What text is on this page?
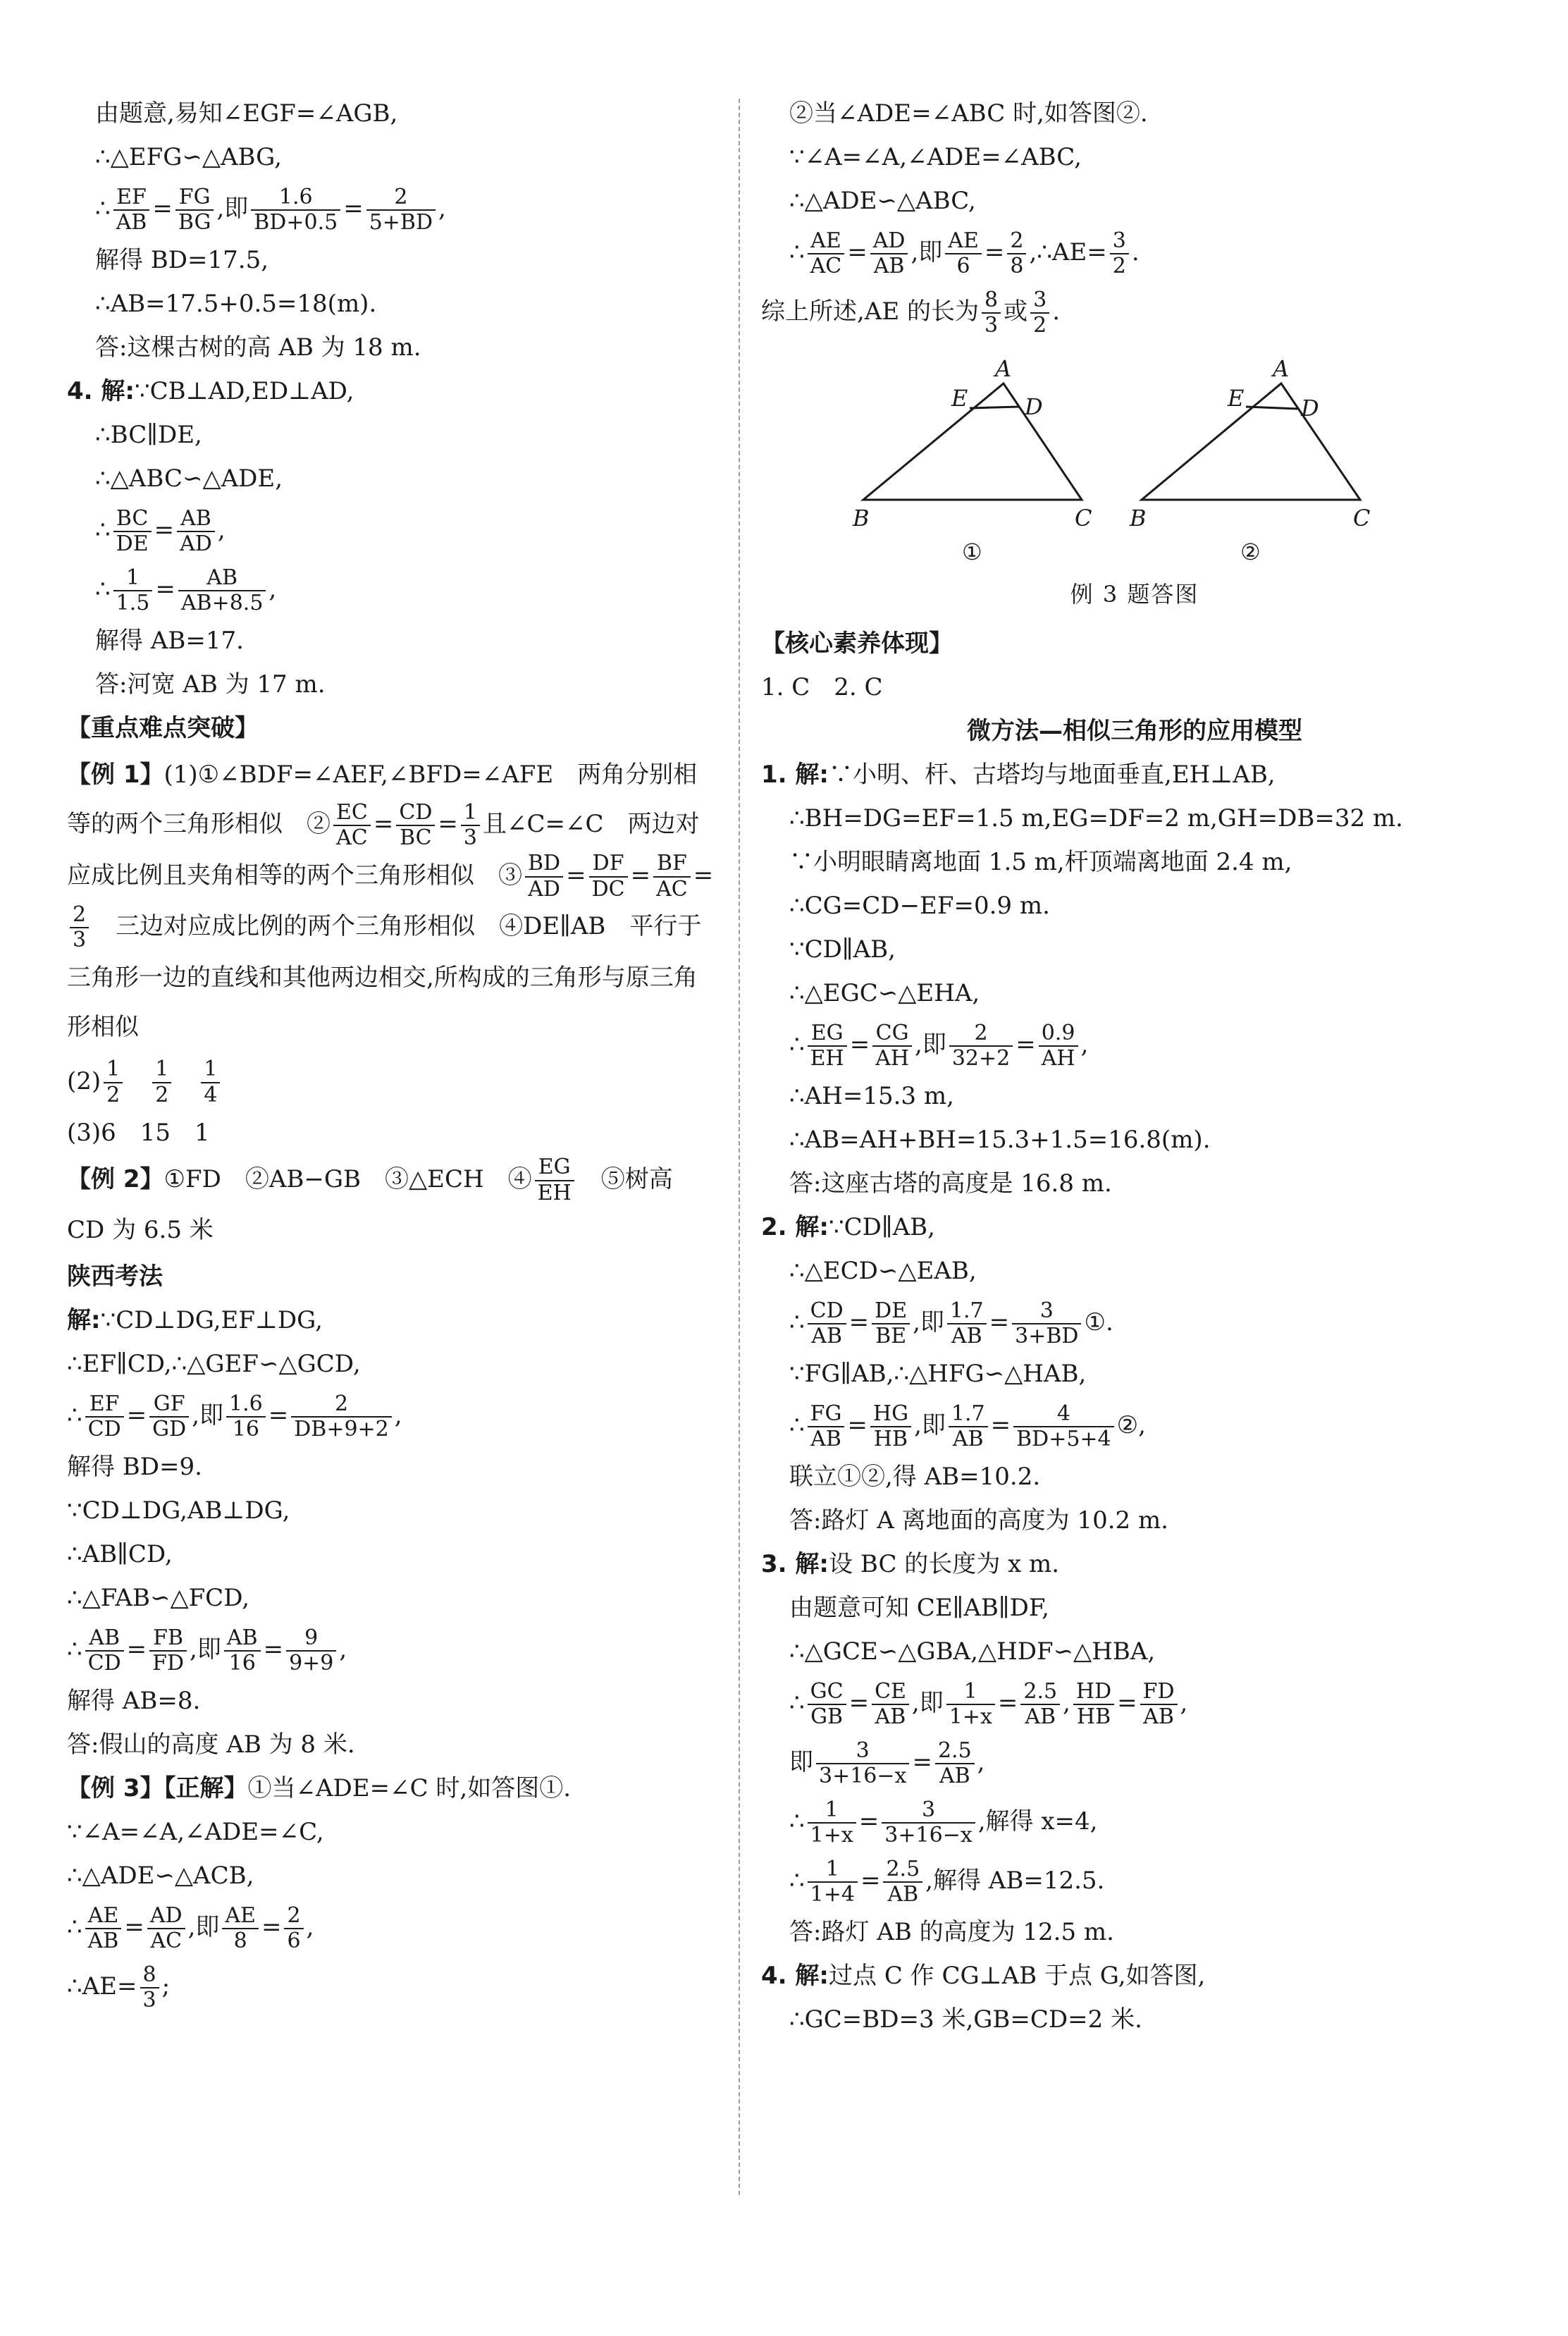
由题意,易知∠EGF=∠AGB,
∴△EFG∽△ABG,
∴ $\frac{EF}{AB} = \frac{FG}{BG}$ ,即 $\frac{1.6}{BD+0.5} = \frac{2}{5+BD}$ ,
解得 BD=17.5,
∴AB=17.5+0.5=18(m).
答:这棵古树的高 AB 为 18 m.
4. 解:∵CB⊥AD,ED⊥AD,
∴BC∥DE,
∴△ABC∽△ADE,
∴ $\frac{BC}{DE} = \frac{AB}{AD}$ ,
∴ $\frac{1}{1.5} = \frac{AB}{AB+8.5}$ ,
解得 AB=17.
答:河宽 AB 为 17 m.
【重点难点突破】
【例 1】(1)①∠BDF=∠AEF,∠BFD=∠AFE　两角分别相等的两个三角形相似　② $\frac{EC}{AC} = \frac{CD}{BC} = \frac{1}{3}$ 且∠C=∠C　两边对应成比例且夹角相等的两个三角形相似　③ $\frac{BD}{AD} = \frac{DF}{DC} = \frac{BF}{AC}$ =
$\frac{2}{3}$ 　三边对应成比例的两个三角形相似　④DE∥AB　平行于三角形一边的直线和其他两边相交,所构成的三角形与原三角形相似
$(2) \frac{1}{2}$
　 $\frac{1}{2}$
　 $\frac{1}{4}$
(3)6　15　1
【例 2】①FD　②AB−GB　③△ECH　④ $\frac{EG}{EH}$ 　⑤树高 CD 为 6.5 米
陕西考法
解:∵CD⊥DG,EF⊥DG,
∴EF∥CD,∴△GEF∽△GCD,
∴ $\frac{EF}{CD} = \frac{GF}{GD}$ ,即 $\frac{1.6}{16} = \frac{2}{DB+9+2}$ ,
解得 BD=9.
∵CD⊥DG,AB⊥DG,
∴AB∥CD,
∴△FAB∽△FCD,
∴ $\frac{AB}{CD} = \frac{FB}{FD}$ ,即 $\frac{AB}{16} = \frac{9}{9+9}$ ,
解得 AB=8.
答:假山的高度 AB 为 8 米.
【例 3】【正解】①当∠ADE=∠C 时,如答图①.
∵∠A=∠A,∠ADE=∠C,
∴△ADE∽△ACB,
∴ $\frac{AE}{AB} = \frac{AD}{AC}$ ,即 $\frac{AE}{8} = \frac{2}{6}$ ,
∴AE= $\frac{8}{3}$ ;
②当∠ADE=∠ABC 时,如答图②.
∵∠A=∠A,∠ADE=∠ABC,
∴△ADE∽△ABC,
∴ $\frac{AE}{AC} = \frac{AD}{AB}$ ,即 $\frac{AE}{6} = \frac{2}{8}$ ,∴AE= $\frac{3}{2}$ .
综上所述,AE 的长为 $\frac{8}{3}$ 或 $\frac{3}{2}$ .
A
E	D
B	C
A
E	D
B	C
①	②
例 3 题答图
【核心素养体现】
1. C　2. C
微方法—相似三角形的应用模型
1. 解:∵小明、杆、古塔均与地面垂直,EH⊥AB,
∴BH=DG=EF=1.5 m,EG=DF=2 m,GH=DB=32 m.
∵小明眼睛离地面 1.5 m,杆顶端离地面 2.4 m,
∴CG=CD−EF=0.9 m.
∵CD∥AB,
∴△EGC∽△EHA,
∴ $\frac{EG}{EH} = \frac{CG}{AH}$ ,即 $\frac{2}{32+2} = \frac{0.9}{AH}$ ,
∴AH=15.3 m,
∴AB=AH+BH=15.3+1.5=16.8(m).
答:这座古塔的高度是 16.8 m.
2. 解:∵CD∥AB,
∴△ECD∽△EAB,
∴ $\frac{CD}{AB} = \frac{DE}{BE}$ ,即 $\frac{1.7}{AB} = \frac{3}{3+BD}$ ①.
∵FG∥AB,∴△HFG∽△HAB,
∴ $\frac{FG}{AB} = \frac{HG}{HB}$ ,即 $\frac{1.7}{AB} = \frac{4}{BD+5+4}$ ②,
联立①②,得 AB=10.2.
答:路灯 A 离地面的高度为 10.2 m.
3. 解:设 BC 的长度为 x m.
由题意可知 CE∥AB∥DF,
∴△GCE∽△GBA,△HDF∽△HBA,
∴ $\frac{GC}{GB} = \frac{CE}{AB}$ ,即 $\frac{1}{1+x} = \frac{2.5}{AB}$ , $\frac{HD}{HB} = \frac{FD}{AB}$ ,
即 $\frac{3}{3+16-x} = \frac{2.5}{AB}$ ,
∴ $\frac{1}{1+x} = \frac{3}{3+16-x}$ ,解得 x=4,
∴ $\frac{1}{1+4} = \frac{2.5}{AB}$ ,解得 AB=12.5.
答:路灯 AB 的高度为 12.5 m.
4. 解:过点 C 作 CG⊥AB 于点 G,如答图,
∴GC=BD=3 米,GB=CD=2 米.
